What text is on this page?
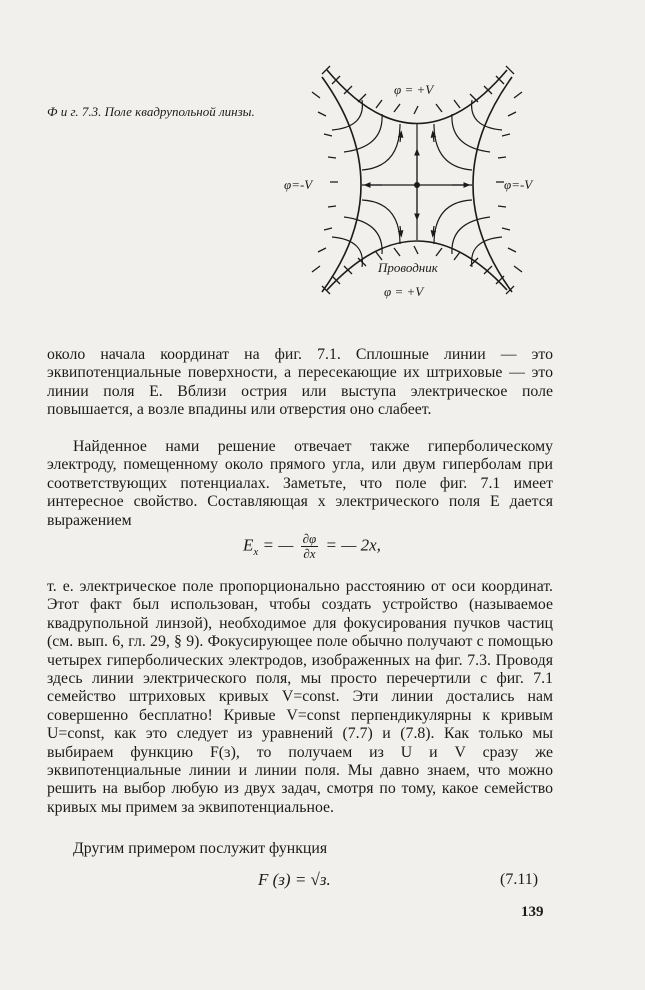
Ф и г. 7.3. Поле квадрупольной линзы.
φ = +V
φ=-V	φ=-V
Проводник
φ = +V

около начала координат на фиг. 7.1. Сплошные линии — это эквипотенциальные поверхности, а пересекающие их штриховые — это линии поля E. Вблизи острия или выступа электрическое поле повышается, а возле впадины или отверстия оно слабеет.

Найденное нами решение отвечает также гиперболическому электроду, помещенному около прямого угла, или двум гиперболам при соответствующих потенциалах. Заметьте, что поле фиг. 7.1 имеет интересное свойство. Составляющая x электрического поля E дается выражением

$E_x$ = — $\frac{\partial\varphi}{\partial x}$ = — 2x,

т. е. электрическое поле пропорционально расстоянию от оси координат. Этот факт был использован, чтобы создать устройство (называемое квадрупольной линзой), необходимое для фокусирования пучков частиц (см. вып. 6, гл. 29, § 9). Фокусирующее поле обычно получают с помощью четырех гиперболических электродов, изображенных на фиг. 7.3. Проводя здесь линии электрического поля, мы просто перечертили с фиг. 7.1 семейство штриховых кривых V=const. Эти линии достались нам совершенно бесплатно! Кривые V=const перпендикулярны к кривым U=const, как это следует из уравнений (7.7) и (7.8). Как только мы выбираем функцию F(ɜ), то получаем из U и V сразу же эквипотенциальные линии и линии поля. Мы давно знаем, что можно решить на выбор любую из двух задач, смотря по тому, какое семейство кривых мы примем за эквипотенциальное.

Другим примером послужит функция

F (ɜ) = √ɜ.	(7.11)
139
